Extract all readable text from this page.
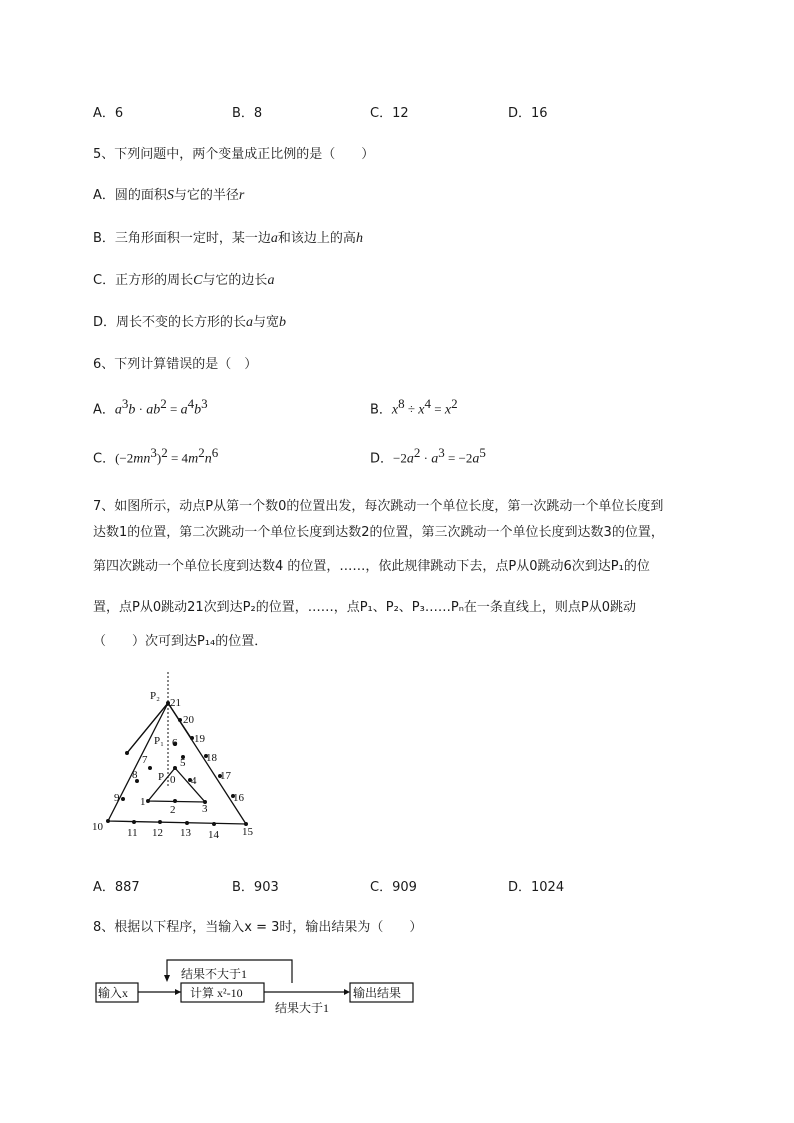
A．6	B．8	C．12	D．16
5、下列问题中，两个变量成正比例的是（　　）
A．圆的面积S与它的半径r
B．三角形面积一定时，某一边a和该边上的高h
C．正方形的周长C与它的边长a
D．周长不变的长方形的长a与宽b
6、下列计算错误的是（　）
A．$a^3b \cdot ab^2 = a^4b^3$	B．$x^8 \div x^4 = x^2$
C．$(-2mn^3)^2 = 4m^2n^6$	D．$-2a^2 \cdot a^3 = -2a^5$
7、如图所示，动点P从第一个数0的位置出发，每次跳动一个单位长度，第一次跳动一个单位长度到
达数1的位置，第二次跳动一个单位长度到达数2的位置，第三次跳动一个单位长度到达数3的位置，
第四次跳动一个单位长度到达数4 的位置，……，依此规律跳动下去，点P从0跳动6次到达P₁的位
置，点P从0跳动21次到达P₂的位置，……，点P₁、P₂、P₃……Pₙ在一条直线上，则点P从0跳动
（　　）次可到达P₁₄的位置．
P₂
21
20
19
18
17
16
15
14
13
12
11
10
9
8
7
P₁ 6
5
4
3
2
1
P 0
A．887	B．903	C．909	D．1024
8、根据以下程序，当输入x = 3时，输出结果为（　　）
输入x	计算 x²-10
结果不大于1
结果大于1
输出结果
